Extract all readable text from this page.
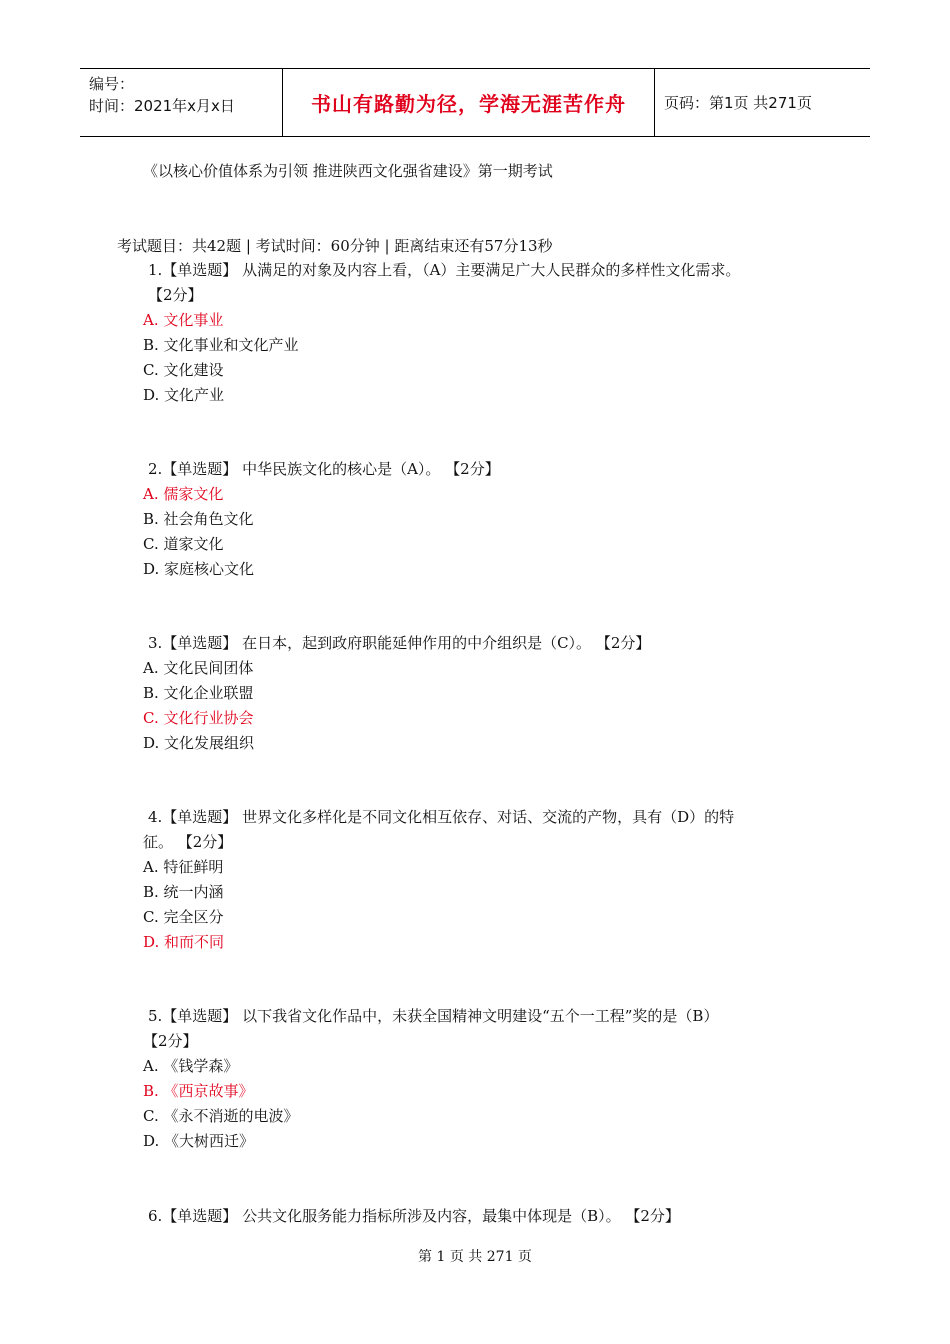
编号：
时间：2021年x月x日	书山有路勤为径，学海无涯苦作舟	页码：第1页 共271页
《以核心价值体系为引领 推进陕西文化强省建设》第一期考试
考试题目：共42题 | 考试时间：60分钟 | 距离结束还有57分13秒

1.【单选题】 从满足的对象及内容上看，（A）主要满足广大人民群众的多样性文化需求。

【2分】

A. 文化事业

B. 文化事业和文化产业

C. 文化建设

D. 文化产业

2.【单选题】 中华民族文化的核心是（A）。 【2分】

A. 儒家文化

B. 社会角色文化

C. 道家文化

D. 家庭核心文化

3.【单选题】 在日本，起到政府职能延伸作用的中介组织是（C）。 【2分】

A. 文化民间团体

B. 文化企业联盟

C. 文化行业协会

D. 文化发展组织

4.【单选题】 世界文化多样化是不同文化相互依存、对话、交流的产物，具有（D）的特

征。 【2分】

A. 特征鲜明

B. 统一内涵

C. 完全区分

D. 和而不同

5.【单选题】 以下我省文化作品中，未获全国精神文明建设“五个一工程”奖的是（B）

【2分】

A. 《钱学森》

B. 《西京故事》

C. 《永不消逝的电波》

D. 《大树西迁》

6.【单选题】 公共文化服务能力指标所涉及内容，最集中体现是（B）。 【2分】

第 1 页 共 271 页
